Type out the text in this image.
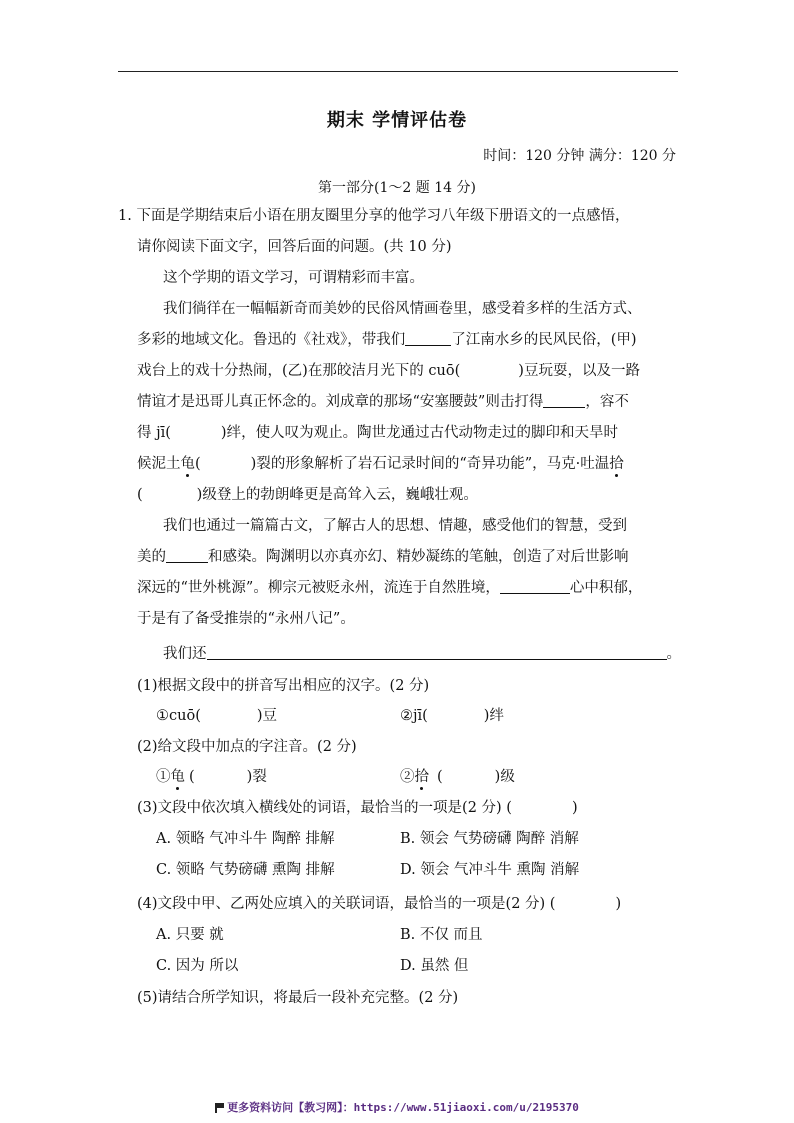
期末 学情评估卷
时间：120 分钟 满分：120 分
第一部分(1～2 题 14 分)
1. 下面是学期结束后小语在朋友圈里分享的他学习八年级下册语文的一点感悟，
请你阅读下面文字，回答后面的问题。(共 10 分)
这个学期的语文学习，可谓精彩而丰富。
我们徜徉在一幅幅新奇而美妙的民俗风情画卷里，感受着多样的生活方式、
多彩的地域文化。鲁迅的《社戏》，带我们	了江南水乡的民风民俗，(甲)
戏台上的戏十分热闹，(乙)在那皎洁月光下的 cuō(	)豆玩耍，以及一路
情谊才是迅哥儿真正怀念的。刘成章的那场“安塞腰鼓”则击打得	，容不
得 jī(	)绊，使人叹为观止。陶世龙通过古代动物走过的脚印和天旱时
候泥土龟(	)裂的形象解析了岩石记录时间的“奇异功能”，马克·吐温拾
(	)级登上的勃朗峰更是高耸入云，巍峨壮观。
我们也通过一篇篇古文，了解古人的思想、情趣，感受他们的智慧，受到
美的	和感染。陶渊明以亦真亦幻、精妙凝练的笔触，创造了对后世影响
深远的“世外桃源”。柳宗元被贬永州，流连于自然胜境，	心中积郁，
于是有了备受推崇的“永州八记”。
我们还	。
(1)根据文段中的拼音写出相应的汉字。(2 分)
①cuō(	)豆	②jī(	)绊
(2)给文段中加点的字注音。(2 分)
①龟 (	)裂	②拾 (	)级
(3)文段中依次填入横线处的词语，最恰当的一项是(2 分) (	)
A. 领略 气冲斗牛 陶醉 排解	B. 领会 气势磅礴 陶醉 消解
C. 领略 气势磅礴 熏陶 排解	D. 领会 气冲斗牛 熏陶 消解
(4)文段中甲、乙两处应填入的关联词语，最恰当的一项是(2 分) (	)
A. 只要 就	B. 不仅 而且
C. 因为 所以	D. 虽然 但
(5)请结合所学知识，将最后一段补充完整。(2 分)
更多资料访问【教习网】：https://www.51jiaoxi.com/u/2195370
